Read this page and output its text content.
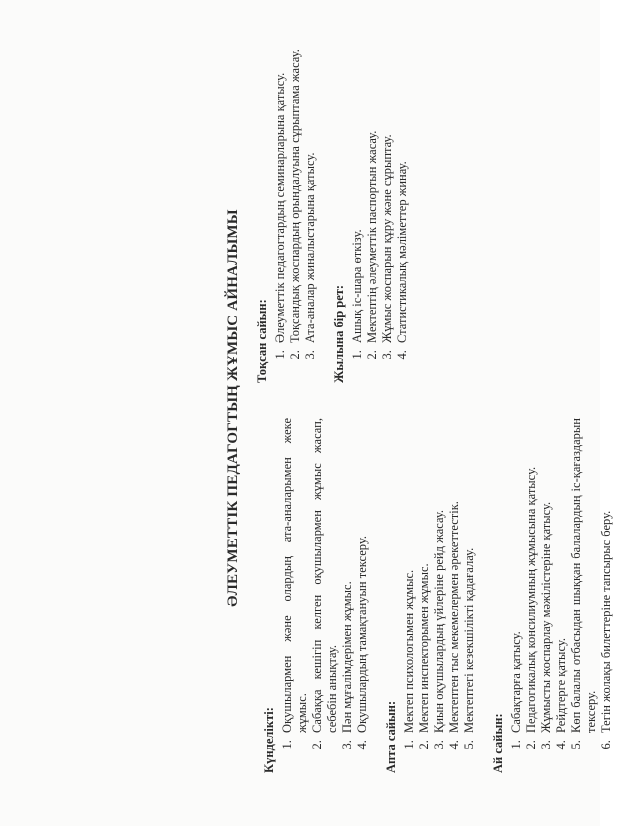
ӘЛЕУМЕТТІК ПЕДАГОГТЫҢ ЖҰМЫС АЙНАЛЫМЫ
Күнделікті:
1. Оқушылармен және олардың ата-аналарымен жеке жұмыс. 2. Сабаққа кешігіп келген оқушылармен жұмыс жасап, себебін анықтау. 3. Пән мұғалімдерімен жұмыс. 4. Оқушылардың тамақтануын тексеру.
Апта сайын:
1. Мектеп психологымен жұмыс. 2. Мектеп инспекторымен жұмыс. 3. Қиын оқушылардың үйлеріне рейд жасау. 4. Мектептен тыс мекемелермен әрекеттестік. 5. Мектептегі кезекшілікті қадағалау.
Ай сайын:
1. Сабақтарға қатысу. 2. Педагогикалық консилиумның жұмысына қатысу. 3. Жұмысты жоспарлау мәжілістеріне қатысу. 4. Рейдтерге қатысу. 5. Көп балалы отбасыдан шыққан балалардың іс-қағаздарын тексеру. 6. Тегін жолақы билеттеріне тапсырыс беру.
Тоқсан сайын: 1. Әлеуметтік педагогтардың семинарларына қатысу. 2. Тоқсандық жоспардың орындалуына сұрыптама жасау. 3. Ата-аналар жиналыстарына қатысу. Жылына бір рет: 1. Ашық іс-шара өткізу. 2. Мектептің әлеуметтік паспортын жасау. 3. Жұмыс жоспарын құру және сұрыптау. 4. Статистикалық мәліметтер жинау.
